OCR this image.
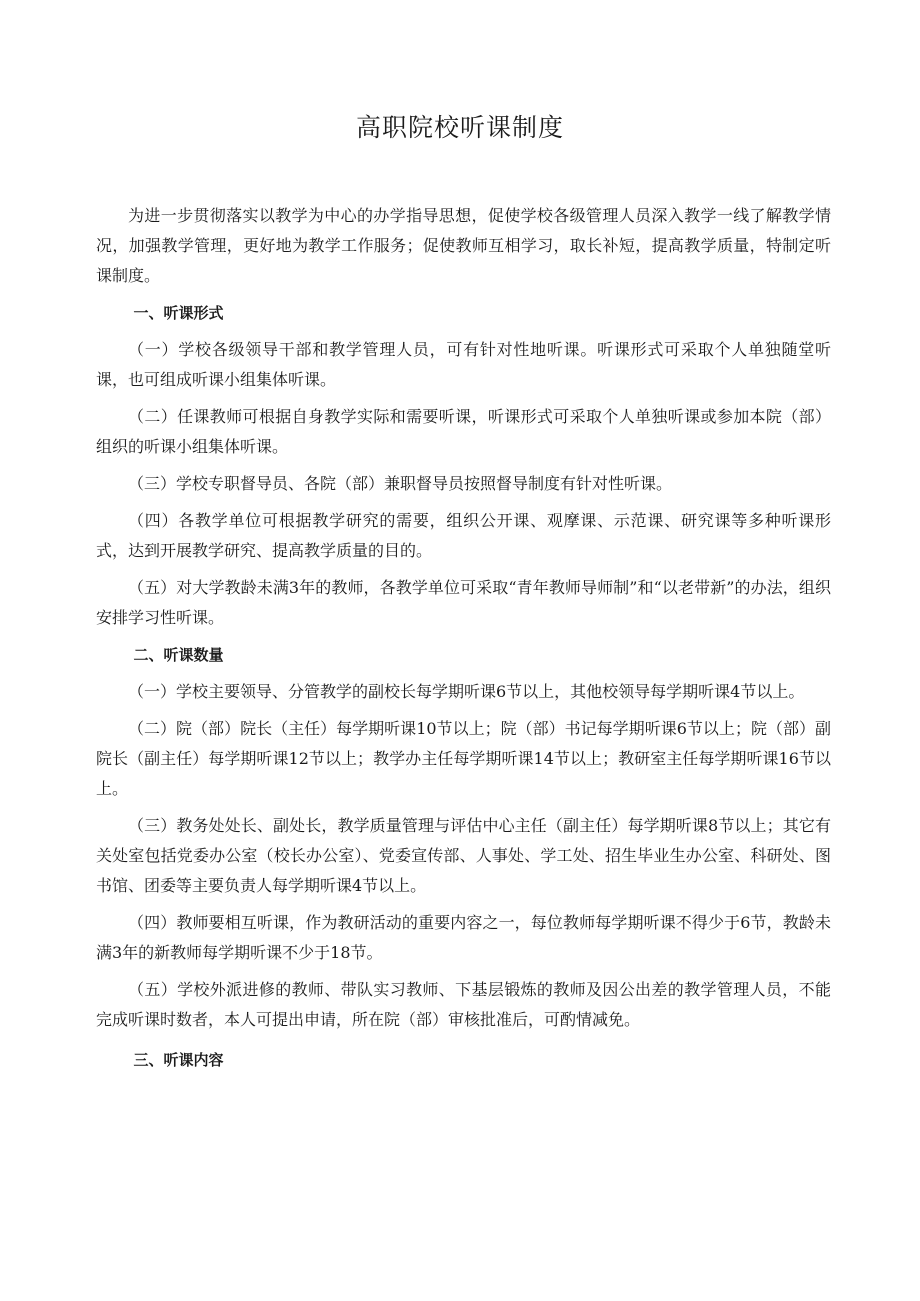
高职院校听课制度

为进一步贯彻落实以教学为中心的办学指导思想，促使学校各级管理人员深入教学一线了解教学情况，加强教学管理，更好地为教学工作服务；促使教师互相学习，取长补短，提高教学质量，特制定听课制度。

一、听课形式

（一）学校各级领导干部和教学管理人员，可有针对性地听课。听课形式可采取个人单独随堂听课，也可组成听课小组集体听课。

（二）任课教师可根据自身教学实际和需要听课，听课形式可采取个人单独听课或参加本院（部）组织的听课小组集体听课。

（三）学校专职督导员、各院（部）兼职督导员按照督导制度有针对性听课。

（四）各教学单位可根据教学研究的需要，组织公开课、观摩课、示范课、研究课等多种听课形式，达到开展教学研究、提高教学质量的目的。

（五）对大学教龄未满3年的教师，各教学单位可采取“青年教师导师制”和“以老带新”的办法，组织安排学习性听课。

二、听课数量

（一）学校主要领导、分管教学的副校长每学期听课6节以上，其他校领导每学期听课4节以上。

（二）院（部）院长（主任）每学期听课10节以上；院（部）书记每学期听课6节以上；院（部）副院长（副主任）每学期听课12节以上；教学办主任每学期听课14节以上；教研室主任每学期听课16节以上。

（三）教务处处长、副处长，教学质量管理与评估中心主任（副主任）每学期听课8节以上；其它有关处室包括党委办公室（校长办公室）、党委宣传部、人事处、学工处、招生毕业生办公室、科研处、图书馆、团委等主要负责人每学期听课4节以上。

（四）教师要相互听课，作为教研活动的重要内容之一，每位教师每学期听课不得少于6节，教龄未满3年的新教师每学期听课不少于18节。

（五）学校外派进修的教师、带队实习教师、下基层锻炼的教师及因公出差的教学管理人员，不能完成听课时数者，本人可提出申请，所在院（部）审核批准后，可酌情减免。

三、听课内容
